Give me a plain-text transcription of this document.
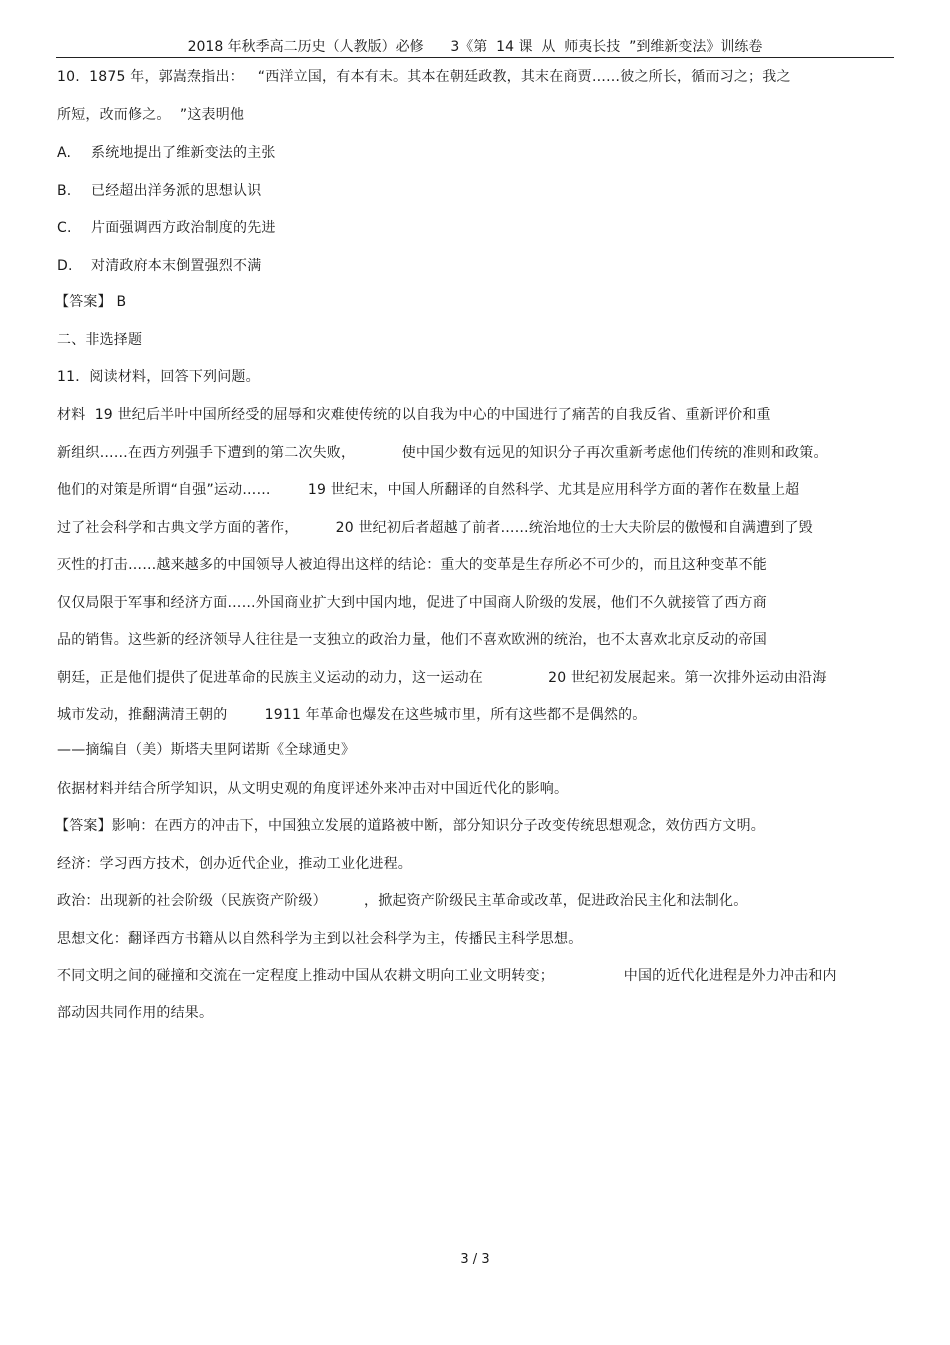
2018 年秋季高二历史（人教版）必修      3《第  14 课  从  师夷长技  ”到维新变法》训练卷
10.  1875 年，郭嵩焘指出：   “西洋立国，有本有末。其本在朝廷政教，其末在商贾……彼之所长，循而习之；我之
所短，改而修之。  ”这表明他
A. 系统地提出了维新变法的主张
B. 已经超出洋务派的思想认识
C. 片面强调西方政治制度的先进
D. 对清政府本末倒置强烈不满
【答案】 B
二、非选择题
11．阅读材料，回答下列问题。
材料  19 世纪后半叶中国所经受的屈辱和灾难使传统的以自我为中心的中国进行了痛苦的自我反省、重新评价和重
新组织……在西方列强手下遭到的第二次失败，          使中国少数有远见的知识分子再次重新考虑他们传统的准则和政策。
他们的对策是所谓“自强”运动……        19 世纪末，中国人所翻译的自然科学、尤其是应用科学方面的著作在数量上超
过了社会科学和古典文学方面的著作，        20 世纪初后者超越了前者……统治地位的士大夫阶层的傲慢和自满遭到了毁
灭性的打击……越来越多的中国领导人被迫得出这样的结论：重大的变革是生存所必不可少的，而且这种变革不能
仅仅局限于军事和经济方面……外国商业扩大到中国内地，促进了中国商人阶级的发展，他们不久就接管了西方商
品的销售。这些新的经济领导人往往是一支独立的政治力量，他们不喜欢欧洲的统治，也不太喜欢北京反动的帝国
朝廷，正是他们提供了促进革命的民族主义运动的动力，这一运动在              20 世纪初发展起来。第一次排外运动由沿海
城市发动，推翻满清王朝的        1911 年革命也爆发在这些城市里，所有这些都不是偶然的。
——摘编自（美）斯塔夫里阿诺斯《全球通史》
依据材料并结合所学知识，从文明史观的角度评述外来冲击对中国近代化的影响。
【答案】影响：在西方的冲击下，中国独立发展的道路被中断，部分知识分子改变传统思想观念，效仿西方文明。
经济：学习西方技术，创办近代企业，推动工业化进程。
政治：出现新的社会阶级（民族资产阶级）        ，掀起资产阶级民主革命或改革，促进政治民主化和法制化。
思想文化：翻译西方书籍从以自然科学为主到以社会科学为主，传播民主科学思想。
不同文明之间的碰撞和交流在一定程度上推动中国从农耕文明向工业文明转变；               中国的近代化进程是外力冲击和内
部动因共同作用的结果。
3 / 3
